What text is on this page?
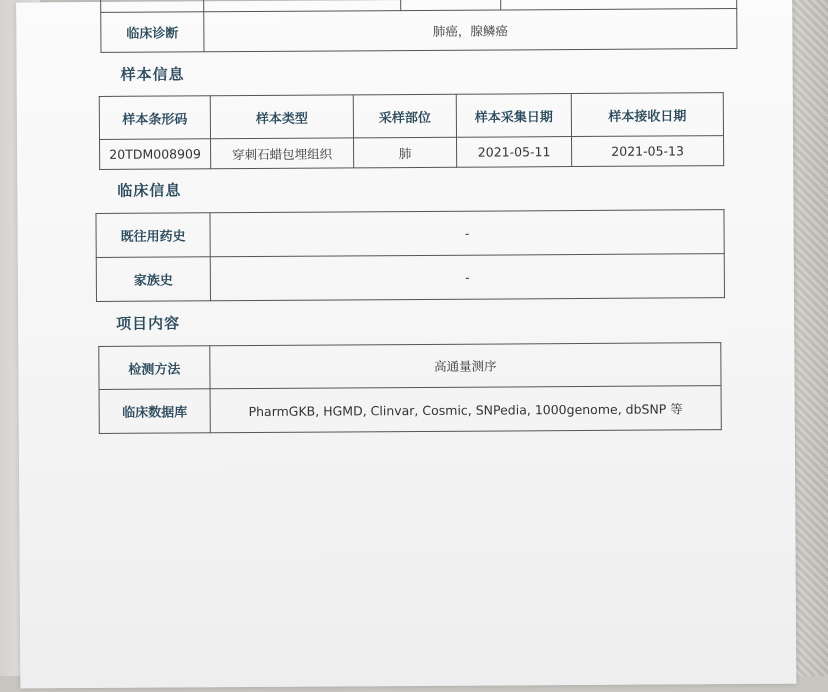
临床诊断	肺癌，腺鳞癌		
样本信息
样本条形码	样本类型	采样部位	样本采集日期	样本接收日期
20TDM008909	穿刺石蜡包埋组织	肺	2021-05-11	2021-05-13
临床信息
既往用药史	-
家族史	-
项目内容
检测方法	高通量测序
临床数据库	PharmGKB, HGMD, Clinvar, Cosmic, SNPedia, 1000genome, dbSNP 等
